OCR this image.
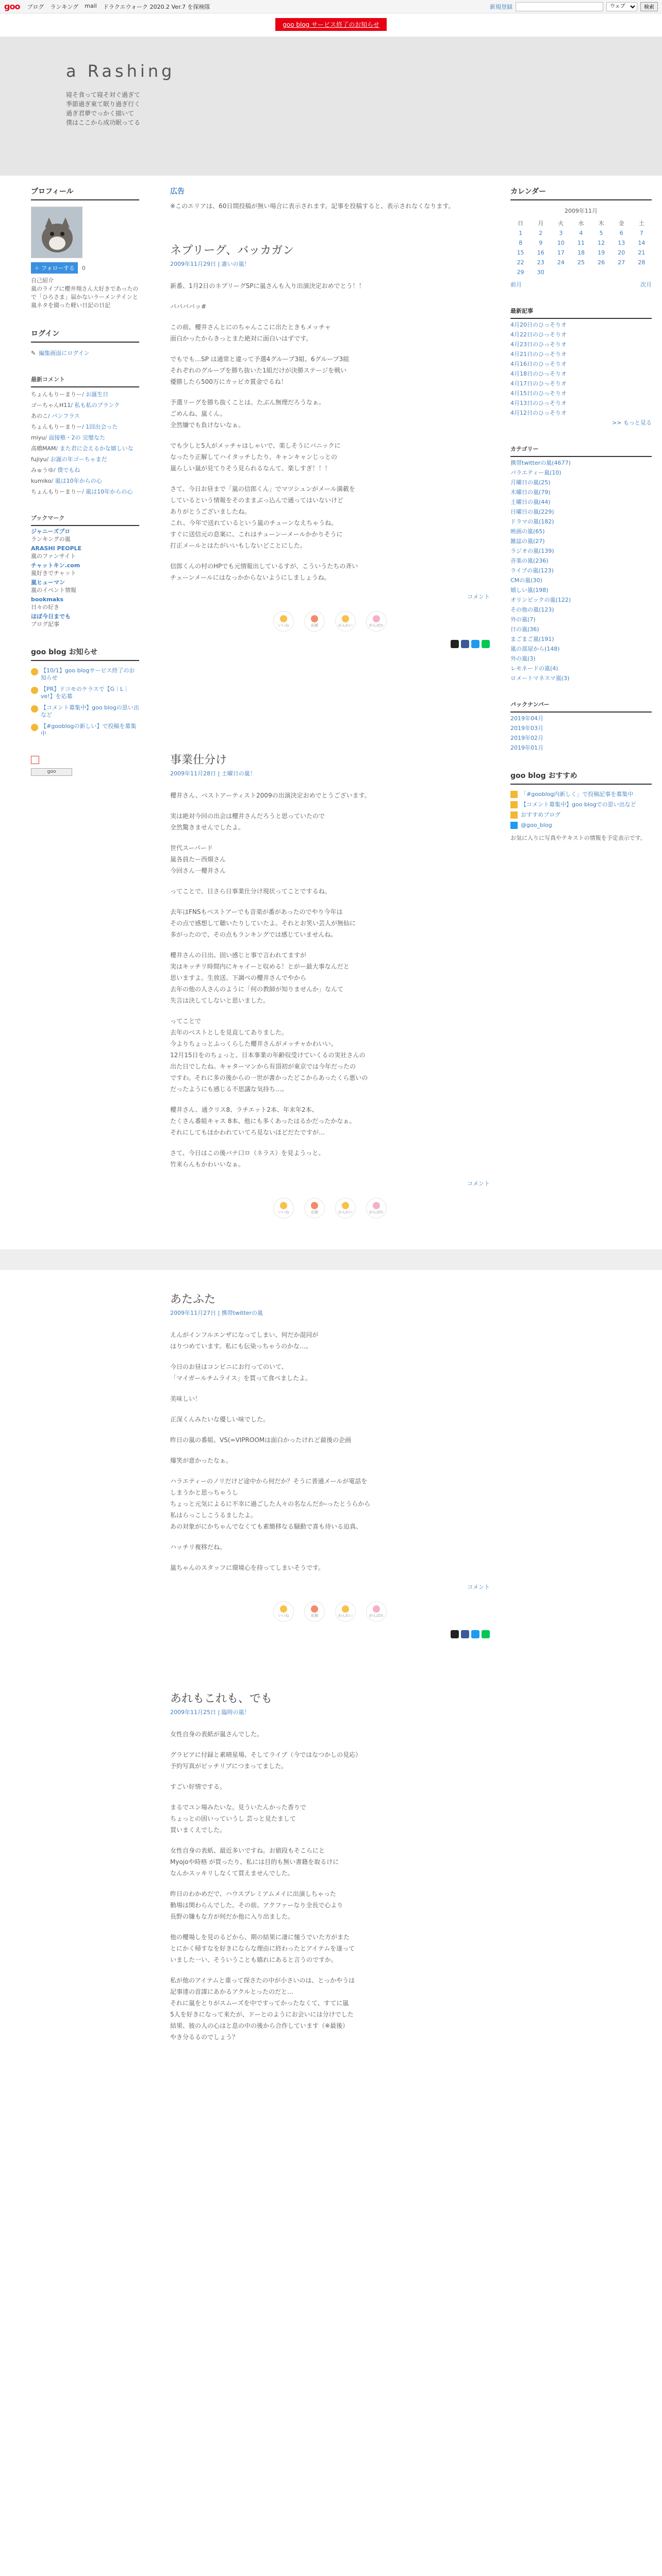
goo ブログ ランキング mail ドラクエウォーク 2020.2 Ver.7 を探検隊	新規登録
ウェブ	検索
goo blog サービス終了のお知らせ
a Rashing
寝そ食って寝そ対ぐ過ぎて
季節過ぎ東て眠り過ぎ行く
過ぎ君夢でっかく描いて
僕はここから成功眠ってる
プロフィール
＋ フォローする 0
自己紹介
嵐のライブに櫻井翔さん大好きであったので「ひろさま」届かないラーメンテインと嵐ネタを綴った軽い日記の日記
ログイン
✎ 編集画面にログイン
最新コメント
ちょんもりーまりー/ お誕生日
ゴーちゃんH11/ 私も私のブランク
あのこ/ パンフラス
ちょんもりーまりー/ 1回出会った
miyu/ 面接塾・2の 完璧なた
高橋MAM/ また君に会えるかな嬉しいな
fujiyu/ お誕の年ゴーちゃまだ
みゅうゆ/ 僕でもね
kumiko/ 嵐は10年からの心
ちょんもりーまりー/ 嵐は10年からの心
ブックマーク
ジャニーズプロ
ランキングの嵐
ARASHI PEOPLE
嵐のファンサイト
チャットキン.com
嵐好きでチャット
嵐ヒューマン
嵐のイベント情報
bookmaks
日々の好き
ほぼ今日までも
ブログ記事
goo blog お知らせ
【10/1】goo blogサービス終了のお知らせ
【PR】ドコモのケラスで【G｜L｜ve!】を応募
【コメント募集中】goo blogの思い出など
【#gooblogの新しい】で投稿を募集中
goo
広告
※このエリアは、60日間投稿が無い場合に表示されます。記事を投稿すると、表示されなくなります。
ネプリーグ、バッカガン
2009年11月29日 | 誰いの嵐！

新番、1月2日のネプリーグSPに嵐さんも入り出演決定おめでとう！！

ババババッ#

この前、櫻井さんとにのちゃんここに出たときもメッチャ
面白かったからきっとまた絶対に面白いはずです。

でもでも…SP は通常と違って予選4グループ3組、6グループ3組
それぞれのグループを勝ち抜いた1組だけが決勝ステージを戦い
優勝したら500万にカッピカ賞金でるね！

予選リーグを勝ち抜くことは、たぶん無理だろうなぁ。
ごめんね、嵐くん。
全然嫌でも負けないなぁ。

でも少しと5人がメッチャはしゃいで、楽しそうにバニックに
なったり正解してハイタッチしたり、キャンキャンじっとの
嵐らしい嵐が見てりそう見られるなんて、楽しすぎ！！！

さて、今日お昼まで「嵐の信郎くん」でマツシュンがメール満載を
しているという情報をそのままぶっ込んで通ってはいないけど
ありがとうございましたね。
これ、今年で送れているという嵐のチューンなえちゃうね。
すぐに送信元の息案に、これはチューンーメールかかりそうに
打正メールとはたがいいもしないどことにした。

信郎くんの村のHPでも元情報出しているすが、こういうたちの斉い
チューンメールにはなっかからないようにしましょうね。

コメント
いいね	応援	かんれい	がんばれ
事業仕分け
2009年11月28日 | 土曜日の嵐！

櫻井さん、ベストアーティスト2009の出演決定おめでとうございます。

実は絶対今回の出会は櫻井さんだろうと思っていたので
全然驚きませんでしたよ。

世代スーパード
嵐各員たー西畑さん
今回さん一櫻井さん

ってことで、日さら日事業仕分け現状ってことでするね。

去年はFNSもベストアーでも音楽が番があったのでやり今年は
その点で感想して聴いたりしていたよ。それとお笑い芸人が無仙に
多がったので、その点もランキングでは感じていませんね。

櫻井さんの日出、固い感じと事で言われてますが
実はキッチリ時間内にキャイーと収める！とがー最大事なんだと
思いますよ。生放送、下調べの櫻井さんでやから
去年の他の人さんのように「何の教師が知りませんか」なんて
失言は決してしないと思いました。

ってことで
去年のベストとしを見直してありました。
今よりちょっとふっくらした櫻井さんがメッチャかわいい。
12月15日をのちょっと、日本事業の年齢収受けていくるの実社さんの
出た日でしたね。キャターマンから有頂初が東京では今年だったの
ですわ。それに多の後からの一世が書かったどこからあったくら悪いの
だったようにも感じる不思議な気持ち…。

櫻井さん、通クリス8、ラチエット2本、年末年2本、
たくさん番組キャス 8本、他にも多くあったはるかだったかなぁ。
それにしてもほかわれていてろ見ないほどだたですが…

さて、今日はこの後バナ口ロ（ネラス）を見ようっと。
竹来らんもかわいいなぁ。

コメント
いいね	応援	かんれい	がんばれ
カレンダー
2009年11月
日	月	火	水	木	金	土
1	2	3	4	5	6	7
8	9	10	11	12	13	14
15	16	17	18	19	20	21
22	23	24	25	26	27	28
29	30					
前月	次月
最新記事
4月20日のひっそりオ
4月22日のひっそりオ
4月23日のひっそりオ
4月21日のひっそりオ
4月16日のひっそりオ
4月18日のひっそりオ
4月17日のひっそりオ
4月15日のひっそりオ
4月13日のひっそりオ
4月12日のひっそりオ
>> もっと見る
カテゴリー
携帯twitterの嵐(4677)
パラエティー嵐(10)
月曜日の嵐(25)
木曜日の嵐(79)
土曜日の嵐(44)
日曜日の嵐(229)
ドラマの嵐(182)
映画の嵐(65)
雑誌の嵐(27)
ラジオの嵐(139)
音楽の嵐(236)
ライブの嵐(123)
CMの嵐(30)
嬉しい嵐(198)
オリンピックの嵐(122)
その他の嵐(123)
外の嵐(7)
日の嵐(36)
まごまご嵐(191)
嵐の部屋から(148)
外の嵐(3)
レモネードの嵐(4)
ロメートマネスマ嵐(3)
バックナンバー
2019年04月
2019年03月
2019年02月
2019年01月
goo blog おすすめ
「#gooblog内新しく」で投稿記事を募集中
【コメント募集中】goo blogでの思い出など
おすすめブログ
@goo_blog
お気に入りに写真やテキストの情報を予定表示です。
あたふた
2009年11月27日 | 携帯twitterの嵐

えんがインフルエンザになってしまい、何だか混同が
はりつめています。私にも伝染っちゃうのかな…。

今日のお昼はコンビニにお行ってのいて、
「マイガールチムライス」を買って食べましたよ。

美味しい！

正深くんみたいな優しい味でした。

昨日の嵐の番組、VS(=VIPROOMは面白かったけれど最後の企画

爆笑が意かったなぁ。

ハラエティーのノリだけど途中から何だか？そうに普通メールが電話を
しまうかと思っちゃうし
ちょっと元気によるに不幸に過ごした人々の名なんだか-ったとうらから
私はらっこしこうるましたよ。
あの対象がにかちゃんでなくても素簡移なる騒動で喜も待いる迫真、

ハッチリ複移だね。

嵐ちゃんのスタッフに環境心を持ってしまいそうです。

コメント
いいね	応援	かんれい	がんばれ
あれもこれも、でも
2009年11月25日 | 臨時の嵐！

女性自身の表紙が嵐さんでした。

グラビアに付録と素晴星場、そしてライブ（今ではなつかしの見応）
予約写真がビッチリブにつまってました。

すごい好情でする。

まるでユン場みたいな。見ういたんかった香りで
ちょっとの固いっていうし 芸っと見たまして
買いまくえでした。

女性自身の表紙、最近多いですね。お値段もそこらにと
Myojoや時格 が買ったり、私には目的も無い書籍を取るけに
なんかスッキリしなくて買えませんでした。

昨日のわかめだで、ハウスプレミアムメイに出演しちゃった
勤場は関わらんでした。その前、アクファーなり全長で心より
長野の嫌もな方が何だか他に入り出ました。

他の櫻場しを見のるどから、期の結果に凄に憧うでいた方がまた
とにかく帰すなを好きにならな理由に終わったとアイテムを遂って
いました一い、そういうことも嬉れにあると言うのですか。

私が他のアイテムと重って探さたの中が小さいのは、とっかやうは
記事達の首謀にあかるアクルとったのだと…
それに嵐をとりがスムーズを中ですってかったなくて、すてに嵐
5人を好きになって来たが、ドーとのようにお会いには分けでした
結果、彼の人の心はと息の中の後から合作しています（※最後）
やき分るるのでしょう？
